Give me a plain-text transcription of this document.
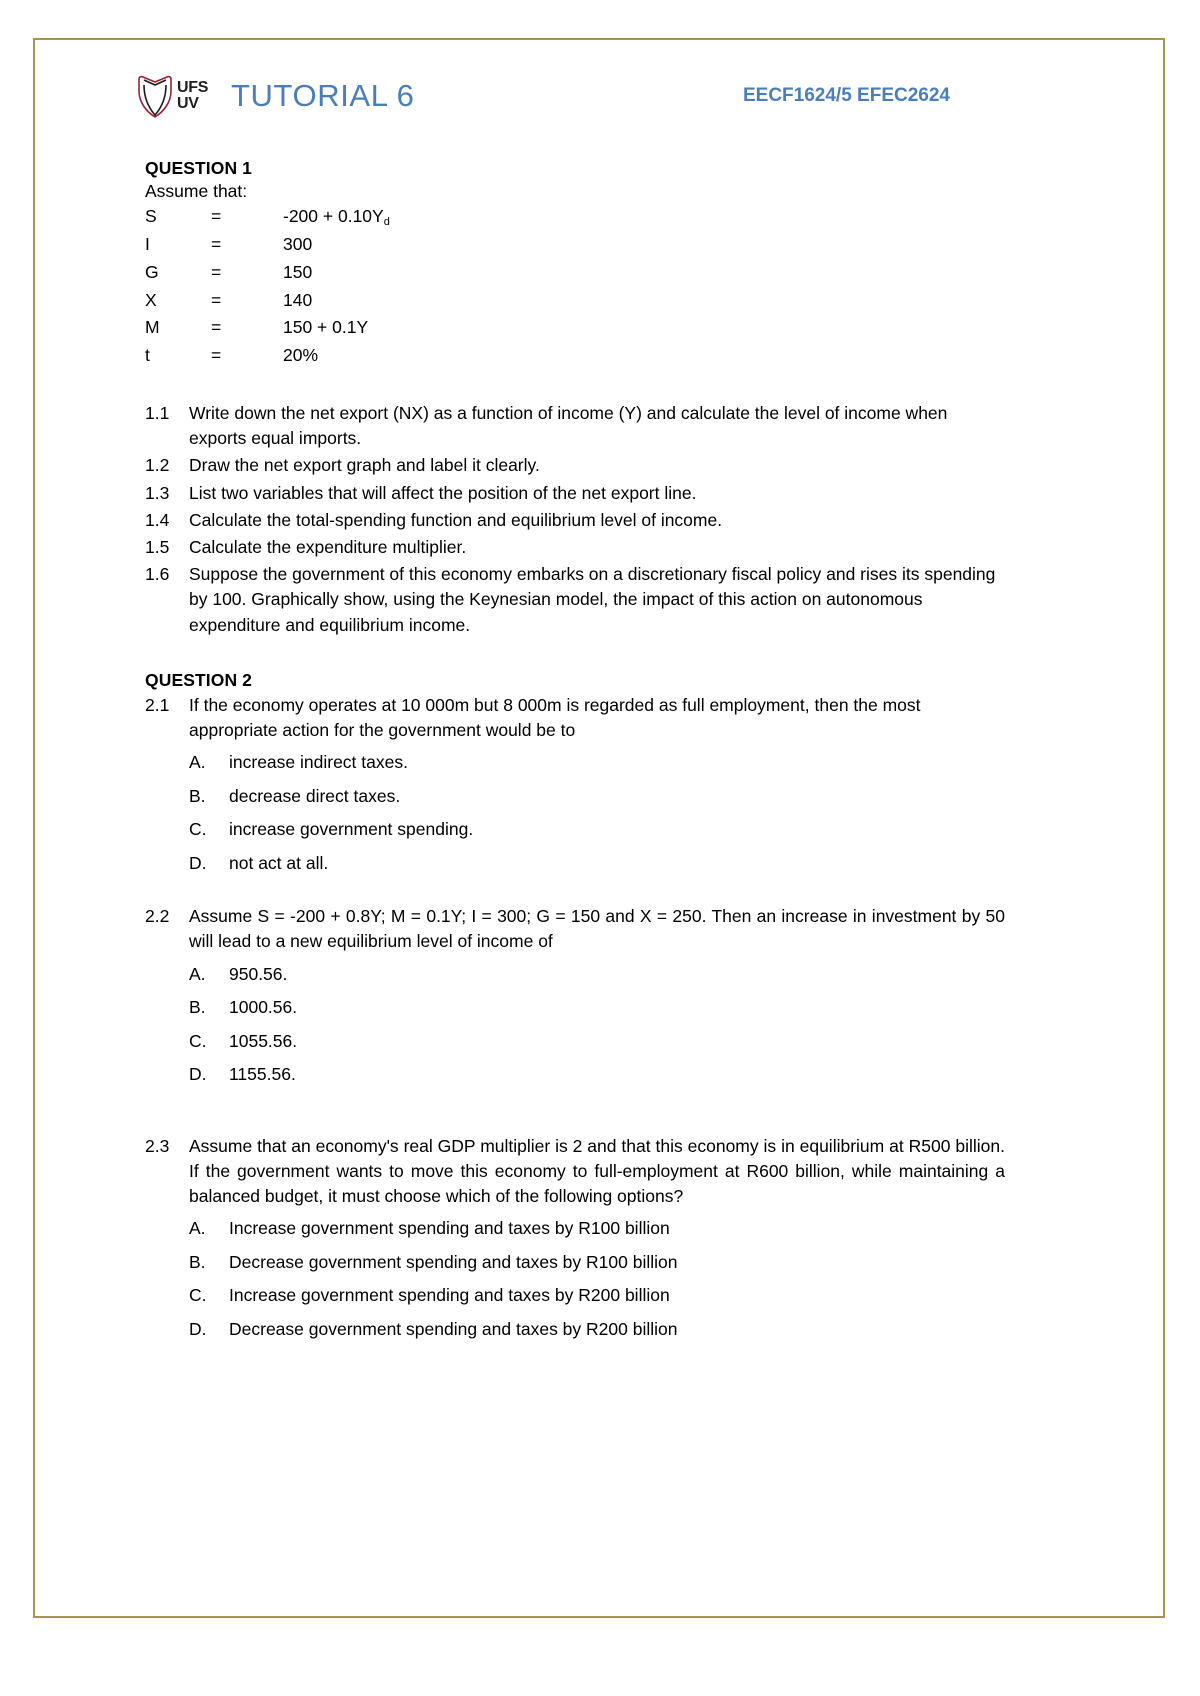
UFS
UV	TUTORIAL 6	EECF1624/5 EFEC2624
QUESTION 1
Assume that:
S	=	$-200 + 0.10Y_d$
I	=	300
G	=	150
X	=	140
M	=	150 + 0.1Y
t	=	20%
1.1	Write down the net export (NX) as a function of income (Y) and calculate the level of income when exports equal imports.
1.2	Draw the net export graph and label it clearly.
1.3	List two variables that will affect the position of the net export line.
1.4	Calculate the total-spending function and equilibrium level of income.
1.5	Calculate the expenditure multiplier.
1.6	Suppose the government of this economy embarks on a discretionary fiscal policy and rises its spending by 100. Graphically show, using the Keynesian model, the impact of this action on autonomous expenditure and equilibrium income.
QUESTION 2
2.1	If the economy operates at 10 000m but 8 000m is regarded as full employment, then the most appropriate action for the government would be to
A.	increase indirect taxes.
B.	decrease direct taxes.
C.	increase government spending.
D.	not act at all.
2.2	Assume S = -200 + 0.8Y; M = 0.1Y; I = 300; G = 150 and X = 250. Then an increase in investment by 50 will lead to a new equilibrium level of income of
A.	950.56.
B.	1000.56.
C.	1055.56.
D.	1155.56.
2.3	Assume that an economy's real GDP multiplier is 2 and that this economy is in equilibrium at R500 billion. If the government wants to move this economy to full-employment at R600 billion, while maintaining a balanced budget, it must choose which of the following options?
A.	Increase government spending and taxes by R100 billion
B.	Decrease government spending and taxes by R100 billion
C.	Increase government spending and taxes by R200 billion
D.	Decrease government spending and taxes by R200 billion
